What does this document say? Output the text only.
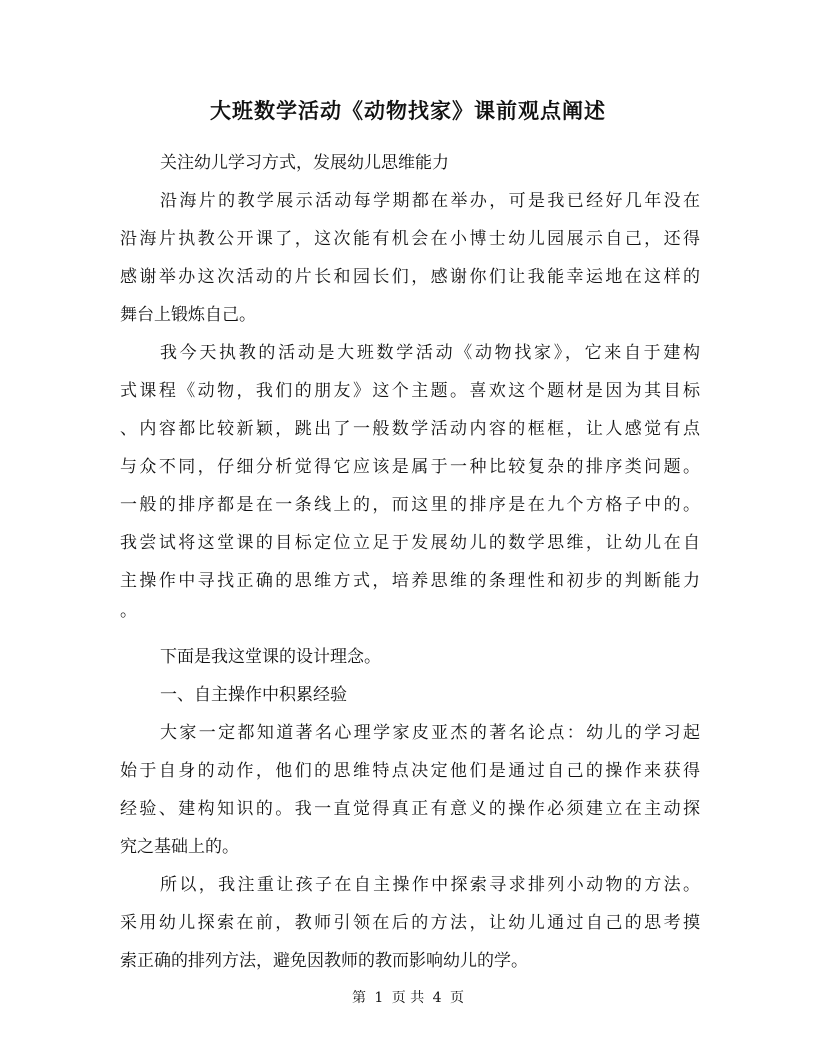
大班数学活动《动物找家》课前观点阐述
关注幼儿学习方式，发展幼儿思维能力
沿海片的教学展示活动每学期都在举办，可是我已经好几年没在
沿海片执教公开课了，这次能有机会在小博士幼儿园展示自己，还得
感谢举办这次活动的片长和园长们，感谢你们让我能幸运地在这样的
舞台上锻炼自己。
我今天执教的活动是大班数学活动《动物找家》，它来自于建构
式课程《动物，我们的朋友》这个主题。喜欢这个题材是因为其目标
、内容都比较新颖，跳出了一般数学活动内容的框框，让人感觉有点
与众不同，仔细分析觉得它应该是属于一种比较复杂的排序类问题。
一般的排序都是在一条线上的，而这里的排序是在九个方格子中的。
我尝试将这堂课的目标定位立足于发展幼儿的数学思维，让幼儿在自
主操作中寻找正确的思维方式，培养思维的条理性和初步的判断能力
。
下面是我这堂课的设计理念。
一、自主操作中积累经验
大家一定都知道著名心理学家皮亚杰的著名论点：幼儿的学习起
始于自身的动作，他们的思维特点决定他们是通过自己的操作来获得
经验、建构知识的。我一直觉得真正有意义的操作必须建立在主动探
究之基础上的。
所以，我注重让孩子在自主操作中探索寻求排列小动物的方法。
采用幼儿探索在前，教师引领在后的方法，让幼儿通过自己的思考摸
索正确的排列方法，避免因教师的教而影响幼儿的学。
第 1 页 共 4 页
